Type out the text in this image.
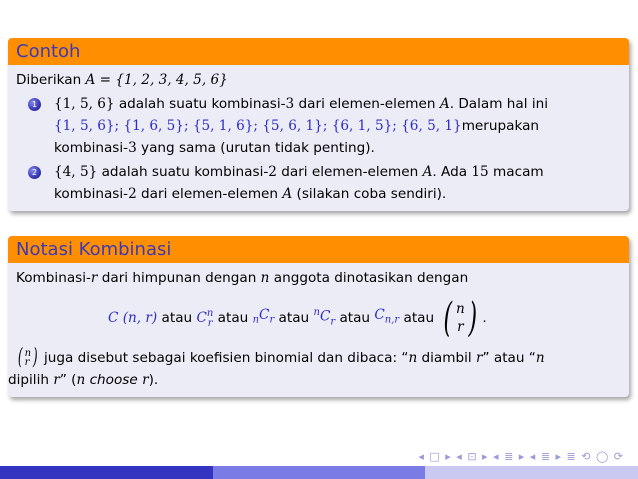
Contoh
Diberikan A = {1, 2, 3, 4, 5, 6}
1 {1, 5, 6} adalah suatu kombinasi-3 dari elemen-elemen A. Dalam hal ini
{1, 5, 6}; {1, 6, 5}; {5, 1, 6}; {5, 6, 1}; {6, 1, 5}; {6, 5, 1}merupakan
kombinasi-3 yang sama (urutan tidak penting).
2 {4, 5} adalah suatu kombinasi-2 dari elemen-elemen A. Ada 15 macam
kombinasi-2 dari elemen-elemen A (silakan coba sendiri).
Notasi Kombinasi
Kombinasi-r dari himpunan dengan n anggota dinotasikan dengan
C (n, r) atau C n
r atau $_nC_r$ atau $^nC_r$ atau $C_{n,r}$ atau ( n
r ) .
( n
r ) juga disebut sebagai koefisien binomial dan dibaca: “n diambil r” atau “n
dipilih r” (n choose r).
◂ □ ▸ ◂ ⊡ ▸ ◂ ≣ ▸ ◂ ≣ ▸ ≣ ⟲ ◯ ⟳
